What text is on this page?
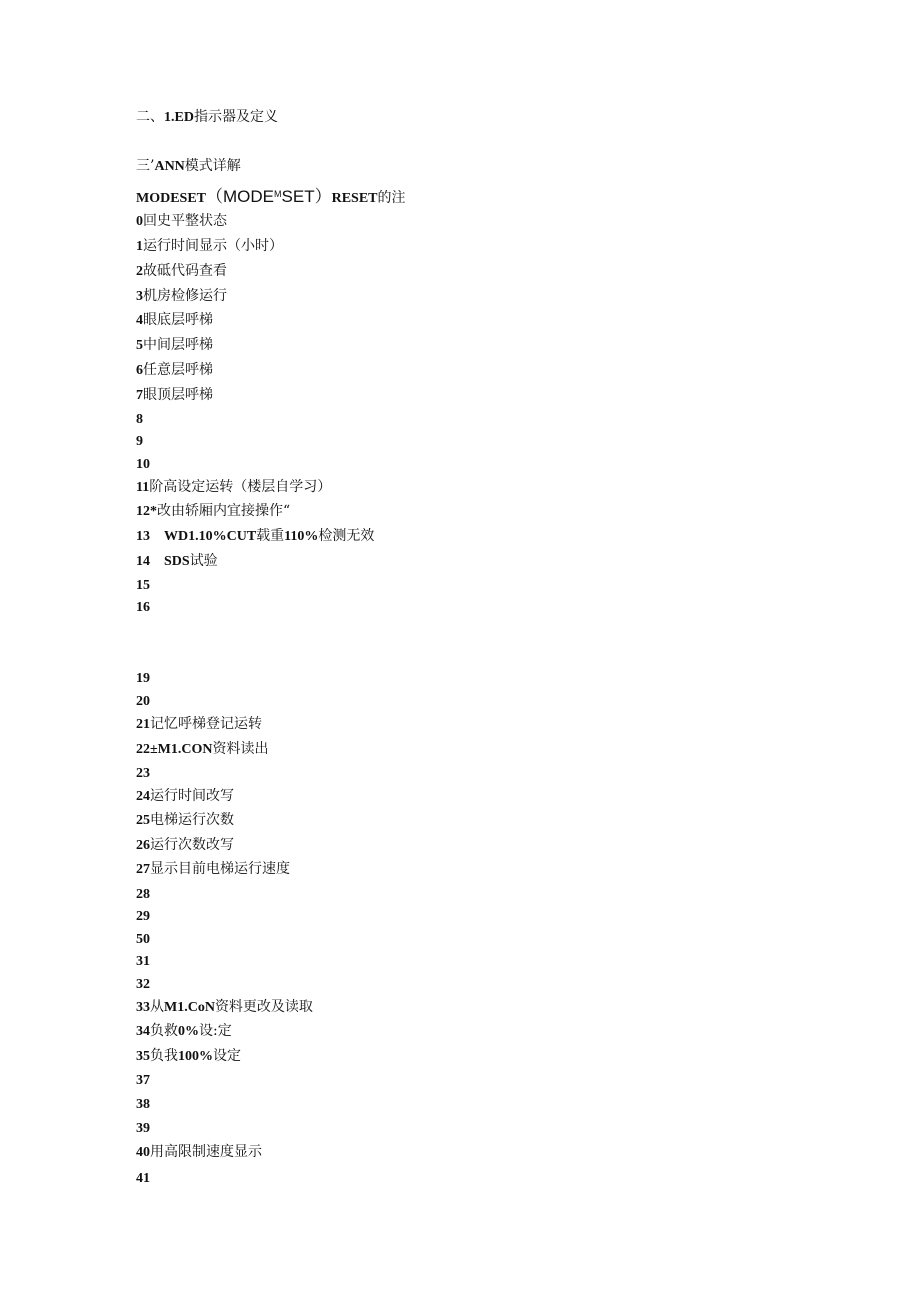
二、1.ED指示器及定义
三’ANN模式详解
$MODESET(MODE^MSET)RESET$的注
0回史平整状态
1运行时间显示（小时）
2故砥代码查看
3机房检修运行
4眼底层呼梯
5中间层呼梯
6任意层呼梯
7眼顶层呼梯
8
9
10
11阶高设定运转（楼层自学习）
12*改由轿厢内宜接操作“
13 WD1.10%CUT载重110%检测无效
14 SDS试验
15
16
19
20
21记忆呼梯登记运转
22±M1.CON资料读出
23
24运行时间改写
25电梯运行次数
26运行次数改写
27显示目前电梯运行速度
28
29
50
31
32
33从M1.CoN资料更改及读取
34负救0%设:定
35负我100%设定
37
38
39
40用高限制速度显示
41
